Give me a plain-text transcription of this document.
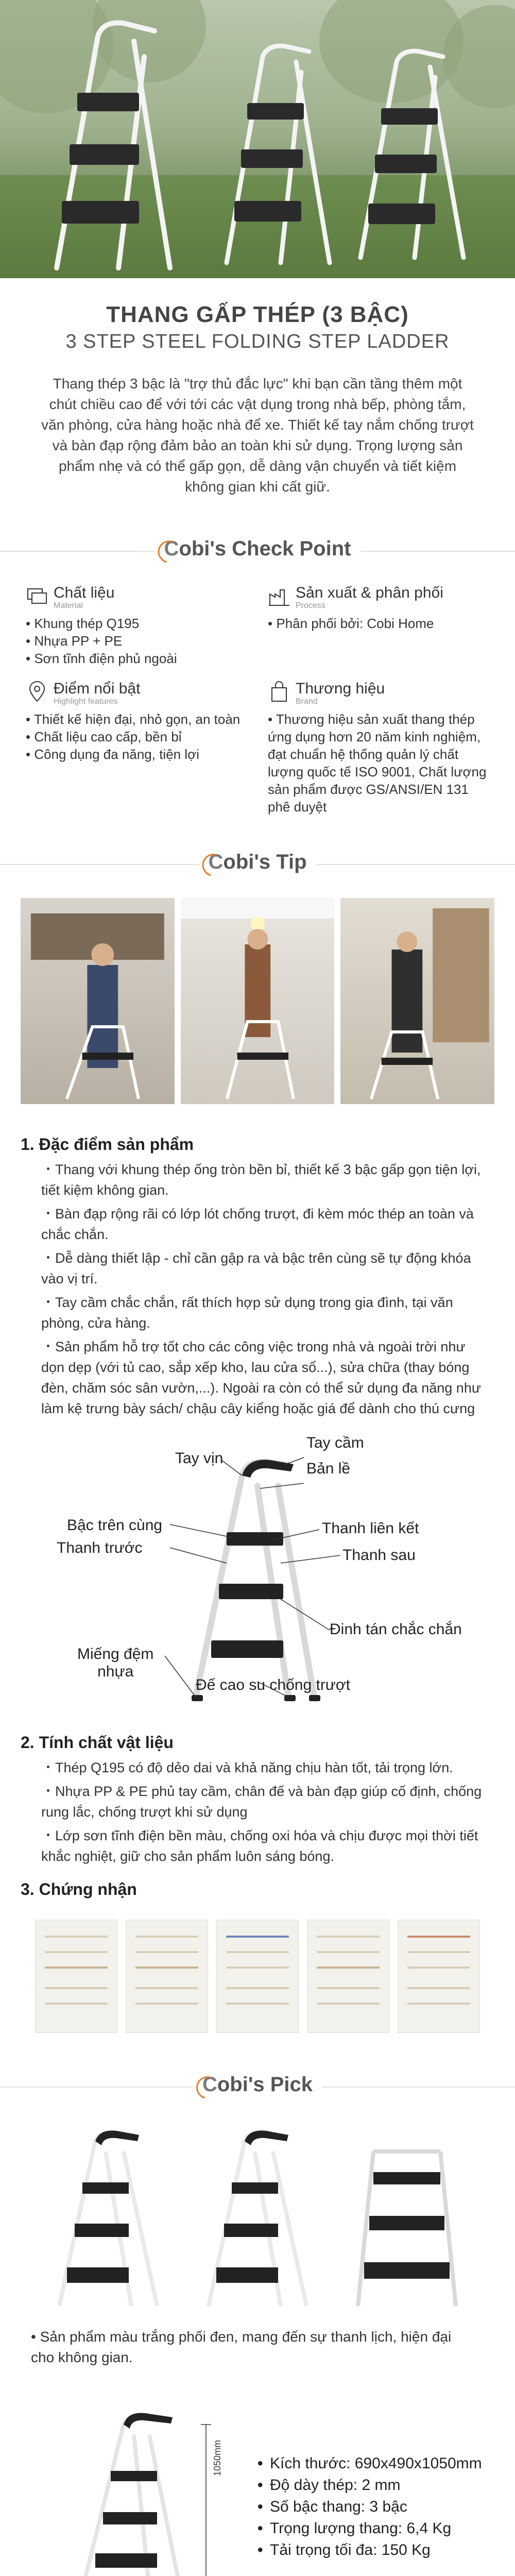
THANG GẤP THÉP (3 BẬC)
3 STEP STEEL FOLDING STEP LADDER
Thang thép 3 bậc là "trợ thủ đắc lực" khi bạn cần tầng thêm một chút chiều cao để với tới các vật dụng trong nhà bếp, phòng tắm, văn phòng, cửa hàng hoặc nhà để xe. Thiết kế tay nắm chống trượt và bàn đạp rộng đảm bảo an toàn khi sử dụng. Trọng lượng sản phẩm nhẹ và có thể gấp gọn, dễ dàng vận chuyển và tiết kiệm không gian khi cất giữ.
Cobi's Check Point
Chất liệu
Material
• Khung thép Q195
• Nhựa PP + PE
• Sơn tĩnh điện phủ ngoài
Sản xuất & phân phối
Process
• Phân phối bởi: Cobi Home
Điểm nổi bật
Highlight features
• Thiết kế hiện đại, nhỏ gọn, an toàn
• Chất liệu cao cấp, bền bỉ
• Công dụng đa năng, tiện lợi
Thương hiệu
Brand
• Thương hiệu sản xuất thang thép ứng dụng hơn 20 năm kinh nghiệm, đạt chuẩn hệ thống quản lý chất lượng quốc tế ISO 9001, Chất lượng sản phẩm được GS/ANSI/EN 131 phê duyệt
Cobi's Tip
1. Đặc điểm sản phẩm

・Thang với khung thép ống tròn bền bỉ, thiết kế 3 bậc gấp gọn tiện lợi, tiết kiệm không gian.

・Bàn đạp rộng rãi có lớp lót chống trượt, đi kèm móc thép an toàn và chắc chắn.

・Dễ dàng thiết lập - chỉ cần gập ra và bậc trên cùng sẽ tự động khóa vào vị trí.

・Tay cầm chắc chắn, rất thích hợp sử dụng trong gia đình, tại văn phòng, cửa hàng.

・Sản phẩm hỗ trợ tốt cho các công việc trong nhà và ngoài trời như dọn dẹp (với tủ cao, sắp xếp kho, lau cửa sổ...), sửa chữa (thay bóng đèn, chăm sóc sân vườn,...). Ngoài ra còn có thể sử dụng đa năng như làm kệ trưng bày sách/ chậu cây kiểng hoặc giá để dành cho thú cưng

Tay vịn
Tay cầm
Bản lề
Bậc trên cùng	Thanh liên kết
Thanh trước	Thanh sau
Đinh tán chắc chắn
Miếng đệm
nhựa
Đế cao su chống trượt
2. Tính chất vật liệu

・Thép Q195 có độ dẻo dai và khả năng chịu hàn tốt, tải trọng lớn.

・Nhựa PP & PE phủ tay cầm, chân đế và bàn đạp giúp cố định, chống rung lắc, chống trượt khi sử dụng

・Lớp sơn tĩnh điện bền màu, chống oxi hóa và chịu được mọi thời tiết khắc nghiệt, giữ cho sản phẩm luôn sáng bóng.

3. Chứng nhận
Cobi's Pick
• Sản phẩm màu trắng phối đen, mang đến sự thanh lịch, hiện đại cho không gian.
1050mm
•	Kích thước: 690x490x1050mm
• Độ dày thép: 2 mm
• Số bậc thang: 3 bậc
• Trọng lượng thang: 6,4 Kg
• Tải trọng tối đa: 150 Kg
